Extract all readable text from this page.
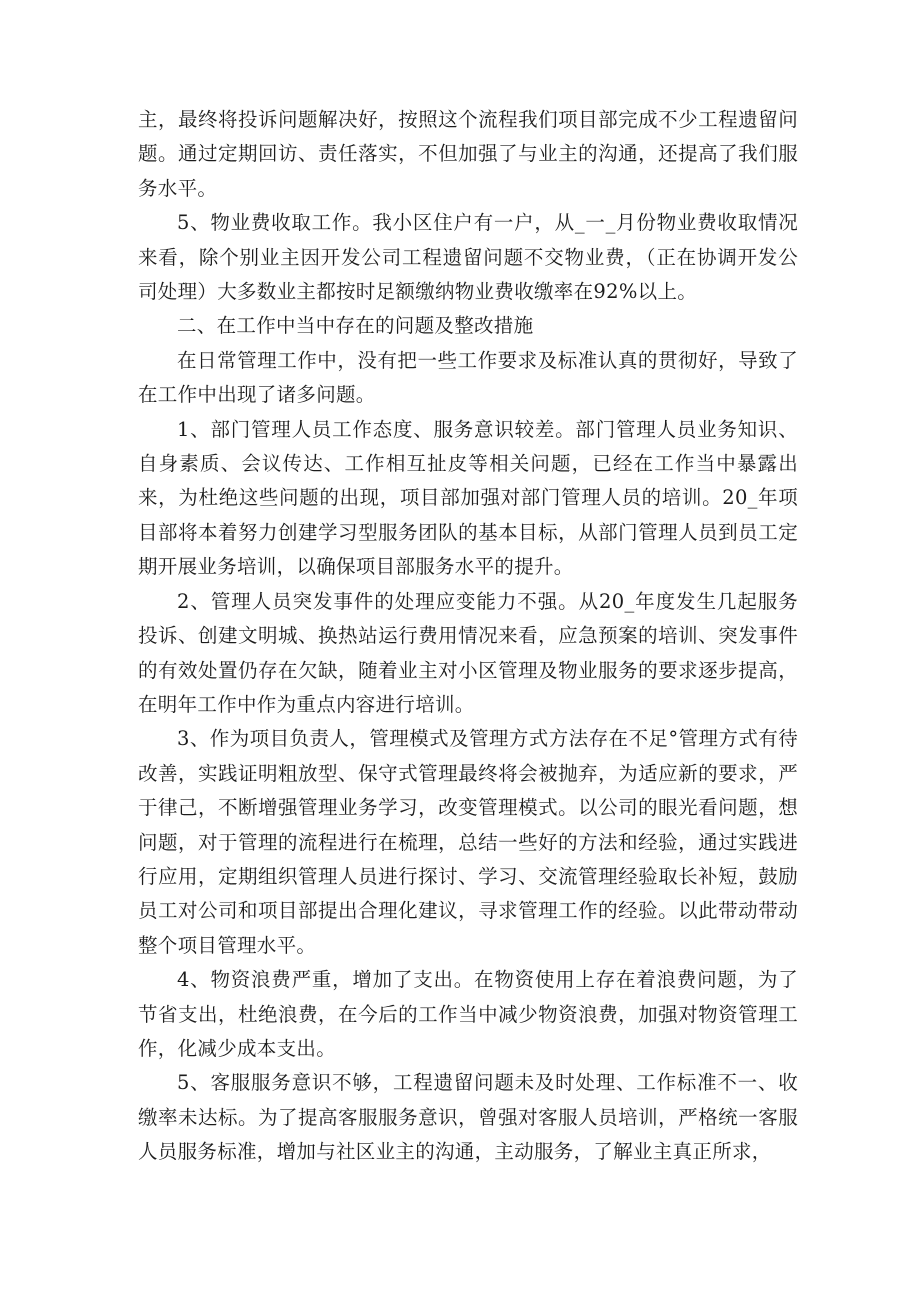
主，最终将投诉问题解决好，按照这个流程我们项目部完成不少工程遗留问题。通过定期回访、责任落实，不但加强了与业主的沟通，还提高了我们服务水平。

5、物业费收取工作。我小区住户有一户，从_一_月份物业费收取情况来看，除个别业主因开发公司工程遗留问题不交物业费，（正在协调开发公司处理）大多数业主都按时足额缴纳物业费收缴率在92%以上。

二、在工作中当中存在的问题及整改措施

在日常管理工作中，没有把一些工作要求及标准认真的贯彻好，导致了在工作中出现了诸多问题。

1、部门管理人员工作态度、服务意识较差。部门管理人员业务知识、自身素质、会议传达、工作相互扯皮等相关问题，已经在工作当中暴露出来，为杜绝这些问题的出现，项目部加强对部门管理人员的培训。20_年项目部将本着努力创建学习型服务团队的基本目标，从部门管理人员到员工定期开展业务培训，以确保项目部服务水平的提升。

2、管理人员突发事件的处理应变能力不强。从20_年度发生几起服务投诉、创建文明城、换热站运行费用情况来看，应急预案的培训、突发事件的有效处置仍存在欠缺，随着业主对小区管理及物业服务的要求逐步提高，在明年工作中作为重点内容进行培训。

3、作为项目负责人，管理模式及管理方式方法存在不足°管理方式有待改善，实践证明粗放型、保守式管理最终将会被抛弃，为适应新的要求，严于律己，不断增强管理业务学习，改变管理模式。以公司的眼光看问题，想问题，对于管理的流程进行在梳理，总结一些好的方法和经验，通过实践进行应用，定期组织管理人员进行探讨、学习、交流管理经验取长补短，鼓励员工对公司和项目部提出合理化建议，寻求管理工作的经验。以此带动带动整个项目管理水平。

4、物资浪费严重，增加了支出。在物资使用上存在着浪费问题，为了节省支出，杜绝浪费，在今后的工作当中减少物资浪费，加强对物资管理工作，化减少成本支出。

5、客服服务意识不够，工程遗留问题未及时处理、工作标准不一、收缴率未达标。为了提高客服服务意识，曾强对客服人员培训，严格统一客服人员服务标准，增加与社区业主的沟通，主动服务，了解业主真正所求，
